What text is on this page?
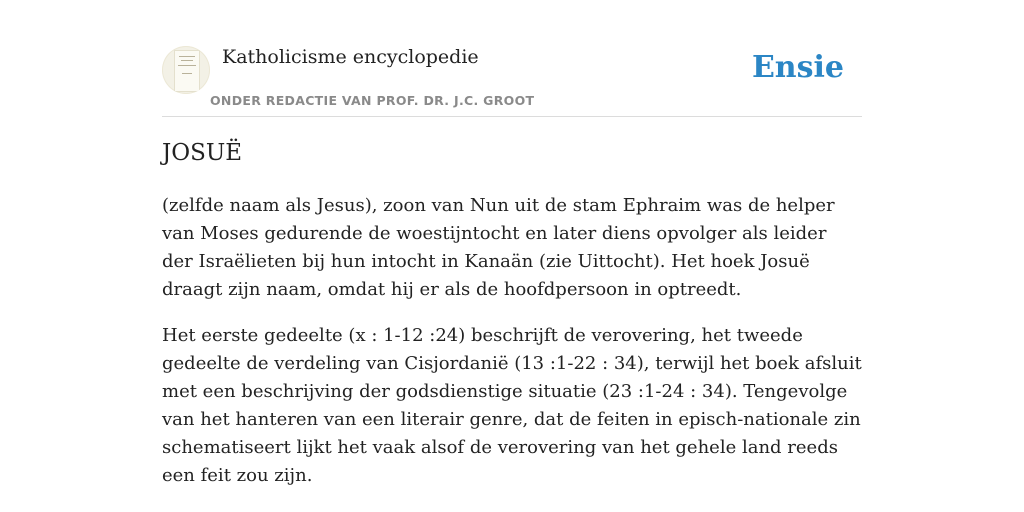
Katholicisme encyclopedie
ONDER REDACTIE VAN PROF. DR. J.C. GROOT
Ensie
JOSUË

(zelfde naam als Jesus), zoon van Nun uit de stam Ephraim was de helper van Moses gedurende de woestijntocht en later diens opvolger als leider der Israëlieten bij hun intocht in Kanaän (zie Uittocht). Het hoek Josuë draagt zijn naam, omdat hij er als de hoofdpersoon in optreedt.

Het eerste gedeelte (x : 1-12 :24) beschrijft de verovering, het tweede gedeelte de verdeling van Cisjordanië (13 :1-22 : 34), terwijl het boek afsluit met een beschrijving der godsdienstige situatie (23 :1-24 : 34). Tengevolge van het hanteren van een literair genre, dat de feiten in episch-nationale zin schematiseert lijkt het vaak alsof de verovering van het gehele land reeds een feit zou zijn.
